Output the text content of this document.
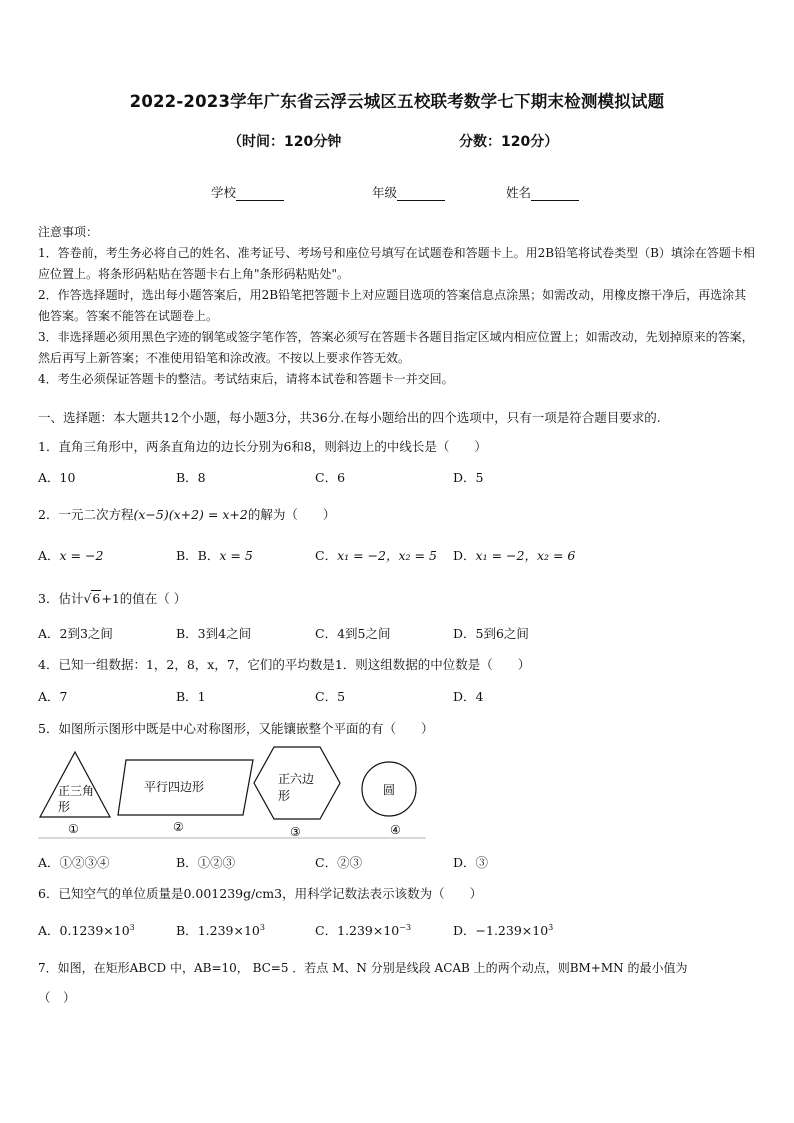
2022-2023学年广东省云浮云城区五校联考数学七下期末检测模拟试题
（时间：120分钟	分数：120分）
学校	年级	姓名

注意事项：

1．答卷前，考生务必将自己的姓名、准考证号、考场号和座位号填写在试题卷和答题卡上。用2B铅笔将试卷类型（B）填涂在答题卡相应位置上。将条形码粘贴在答题卡右上角"条形码粘贴处"。

2．作答选择题时，选出每小题答案后，用2B铅笔把答题卡上对应题目选项的答案信息点涂黑；如需改动，用橡皮擦干净后，再选涂其他答案。答案不能答在试题卷上。

3．非选择题必须用黑色字迹的钢笔或签字笔作答，答案必须写在答题卡各题目指定区域内相应位置上；如需改动，先划掉原来的答案，然后再写上新答案；不准使用铅笔和涂改液。不按以上要求作答无效。

4．考生必须保证答题卡的整洁。考试结束后，请将本试卷和答题卡一并交回。

一、选择题：本大题共12个小题，每小题3分，共36分.在每小题给出的四个选项中，只有一项是符合题目要求的.
1．直角三角形中，两条直角边的边长分别为6和8，则斜边上的中线长是（　　）
A．10	B．8	C．6	D．5
2．一元二次方程(x−5)(x+2) = x+2的解为（　　）
A．x = −2	B．B．x = 5	C．x₁ = −2，x₂ = 5 D．x₁ = −2，x₂ = 6
3．估计√6+1的值在（ ）
A．2到3之间	B．3到4之间	C．4到5之间	D．5到6之间
4．已知一组数据：1，2，8，x，7，它们的平均数是1．则这组数据的中位数是（　　）
A．7	B．1	C．5	D．4
5．如图所示图形中既是中心对称图形，又能镶嵌整个平面的有（　　）
正三角
形
①
平行四边形
②
正六边
形
③
圆
④
A．①②③④	B．①②③	C．②③	D．③
6．已知空气的单位质量是0.001239g/cm3，用科学记数法表示该数为（　　）
A．$0.1239\times 10^3$	B．$1.239\times 10^3$	C．$1.239\times 10^{-3}$	D．$-1.239\times 10^3$
7．如图，在矩形ABCD 中，AB=10， BC=5 ．若点 M、N 分别是线段 ACAB 上的两个动点，则BM+MN 的最小值为
（　）
